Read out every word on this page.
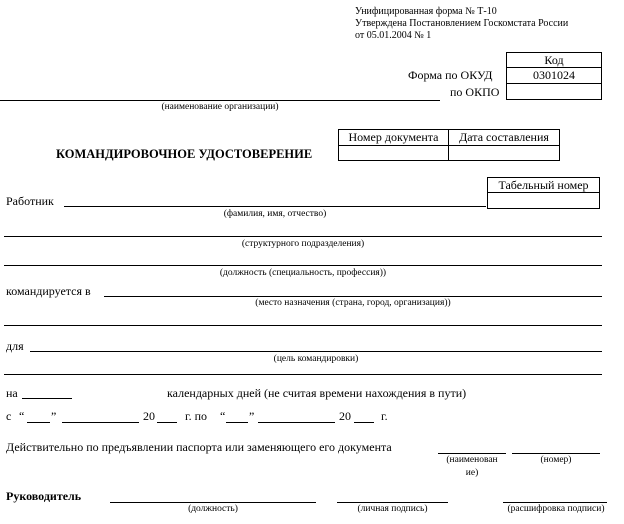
Унифицированная форма № Т-10
Утверждена Постановлением Госкомстата России
от 05.01.2004 № 1
Код
Форма по ОКУД	0301024
по ОКПО
(наименование организации)
Номер документа	Дата составления
КОМАНДИРОВОЧНОЕ УДОСТОВЕРЕНИЕ
Табельный номер
Работник
(фамилия, имя, отчество)
(структурного подразделения)
(должность (специальность, профессия))
командируется в
(место назначения (страна, город, организация))
для
(цель командировки)
на	календарных дней (не считая времени нахождения в пути)
с “ ”	20	г. по “ ”	20	г.
Действительно по предъявлении паспорта или заменяющего его документа
(наименован
ие)
(номер)
Руководитель
(должность)	(личная подпись)	(расшифровка подписи)
